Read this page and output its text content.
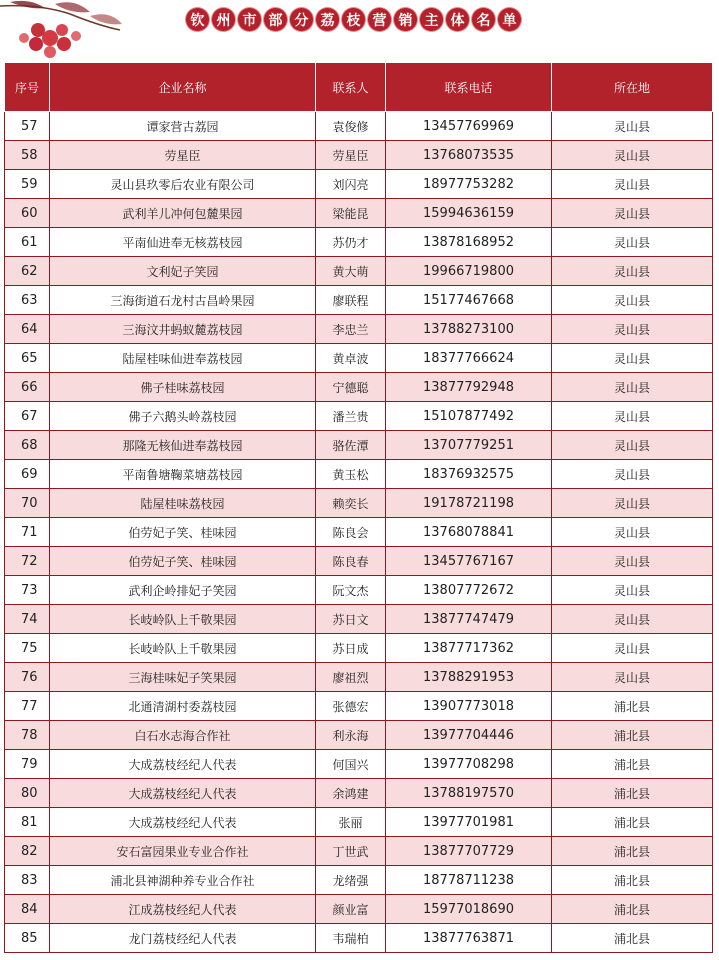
钦 州 市 部 分 荔 枝 营 销 主 体 名 单
序号	企业名称	联系人	联系电话	所在地
57	谭家营古荔园	袁俊修	13457769969	灵山县
58	劳星臣	劳星臣	13768073535	灵山县
59	灵山县玖零后农业有限公司	刘闪亮	18977753282	灵山县
60	武利羊儿冲何包麓果园	梁能昆	15994636159	灵山县
61	平南仙进奉无核荔枝园	苏仍才	13878168952	灵山县
62	文利妃子笑园	黄大萌	19966719800	灵山县
63	三海街道石龙村古昌岭果园	廖联程	15177467668	灵山县
64	三海汶井蚂蚁麓荔枝园	李忠兰	13788273100	灵山县
65	陆屋桂味仙进奉荔枝园	黄卓波	18377766624	灵山县
66	佛子桂味荔枝园	宁德聪	13877792948	灵山县
67	佛子六鹅头岭荔枝园	潘兰贵	15107877492	灵山县
68	那隆无核仙进奉荔枝园	骆佐潭	13707779251	灵山县
69	平南鲁塘鞠菜塘荔枝园	黄玉松	18376932575	灵山县
70	陆屋桂味荔枝园	赖奕长	19178721198	灵山县
71	伯劳妃子笑、桂味园	陈良会	13768078841	灵山县
72	伯劳妃子笑、桂味园	陈良春	13457767167	灵山县
73	武利企岭排妃子笑园	阮文杰	13807772672	灵山县
74	长岐岭队上千敬果园	苏日文	13877747479	灵山县
75	长岐岭队上千敬果园	苏日成	13877717362	灵山县
76	三海桂味妃子笑果园	廖祖烈	13788291953	灵山县
77	北通清湖村委荔枝园	张德宏	13907773018	浦北县
78	白石水志海合作社	利永海	13977704446	浦北县
79	大成荔枝经纪人代表	何国兴	13977708298	浦北县
80	大成荔枝经纪人代表	余鸿建	13788197570	浦北县
81	大成荔枝经纪人代表	张丽	13977701981	浦北县
82	安石富园果业专业合作社	丁世武	13877707729	浦北县
83	浦北县神湖种养专业合作社	龙绪强	18778711238	浦北县
84	江成荔枝经纪人代表	颜业富	15977018690	浦北县
85	龙门荔枝经纪人代表	韦瑞柏	13877763871	浦北县
